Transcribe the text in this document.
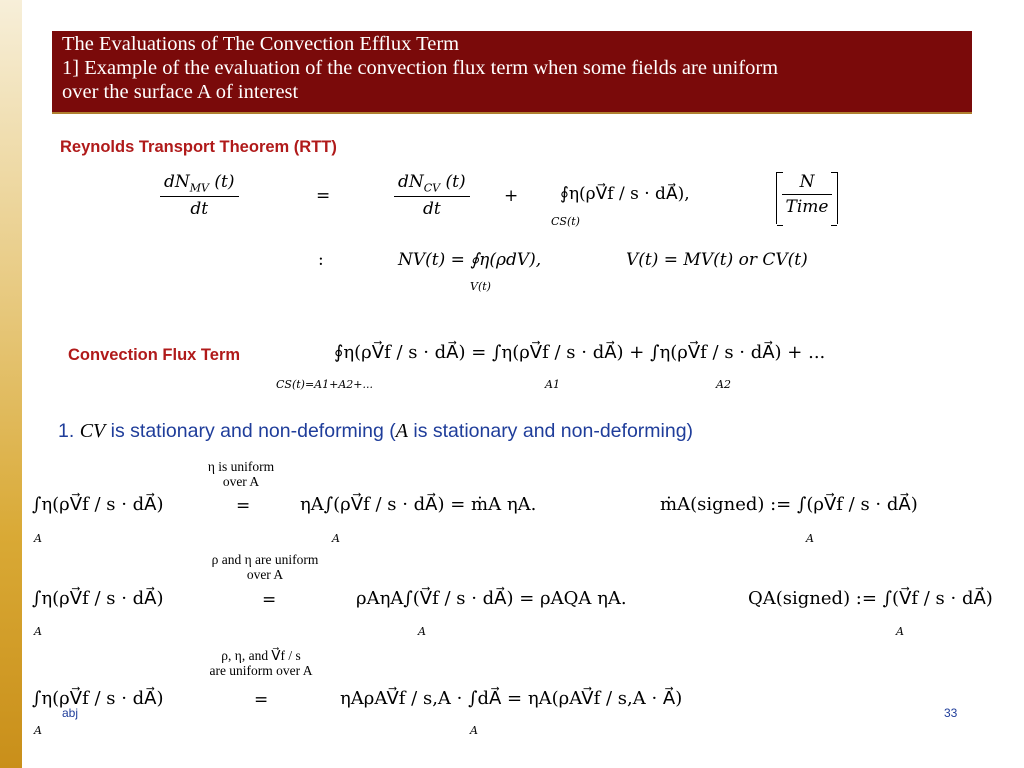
The Evaluations of The Convection Efflux Term
1] Example of the evaluation of the convection flux term when some fields are uniform
over the surface A of interest
Reynolds Transport Theorem (RTT)
$\frac{dN_{MV} (t)}{dt}$	=	$\frac{dN_{CV} (t)}{dt}$ + ∮η(ρV⃗f / s · dA⃗),
CS(t)
$\frac{N}{\text{Time}}$
:	NV(t) = ∮η(ρdV),
V(t)
V(t) = MV(t) or CV(t)
Convection Flux Term	∮η(ρV⃗f / s · dA⃗) = ∫η(ρV⃗f / s · dA⃗) + ∫η(ρV⃗f / s · dA⃗) + ...
CS(t)=A1+A2+...	A1	A2
1. CV is stationary and non-deforming (A is stationary and non-deforming)
η is uniform
over A
∫η(ρV⃗f / s · dA⃗)
A
=	ηA∫(ρV⃗f / s · dA⃗) = ṁA ηA.
A
ṁA(signed) := ∫(ρV⃗f / s · dA⃗)
A
ρ and η are uniform
over A
∫η(ρV⃗f / s · dA⃗)
A
=	ρAηA∫(V⃗f / s · dA⃗) = ρAQA ηA.
A
QA(signed) := ∫(V⃗f / s · dA⃗)
A
ρ, η, and V⃗f / s
are uniform over A
∫η(ρV⃗f / s · dA⃗)
A
=	ηAρAV⃗f / s,A · ∫dA⃗ = ηA(ρAV⃗f / s,A · A⃗)
A
abj	33
